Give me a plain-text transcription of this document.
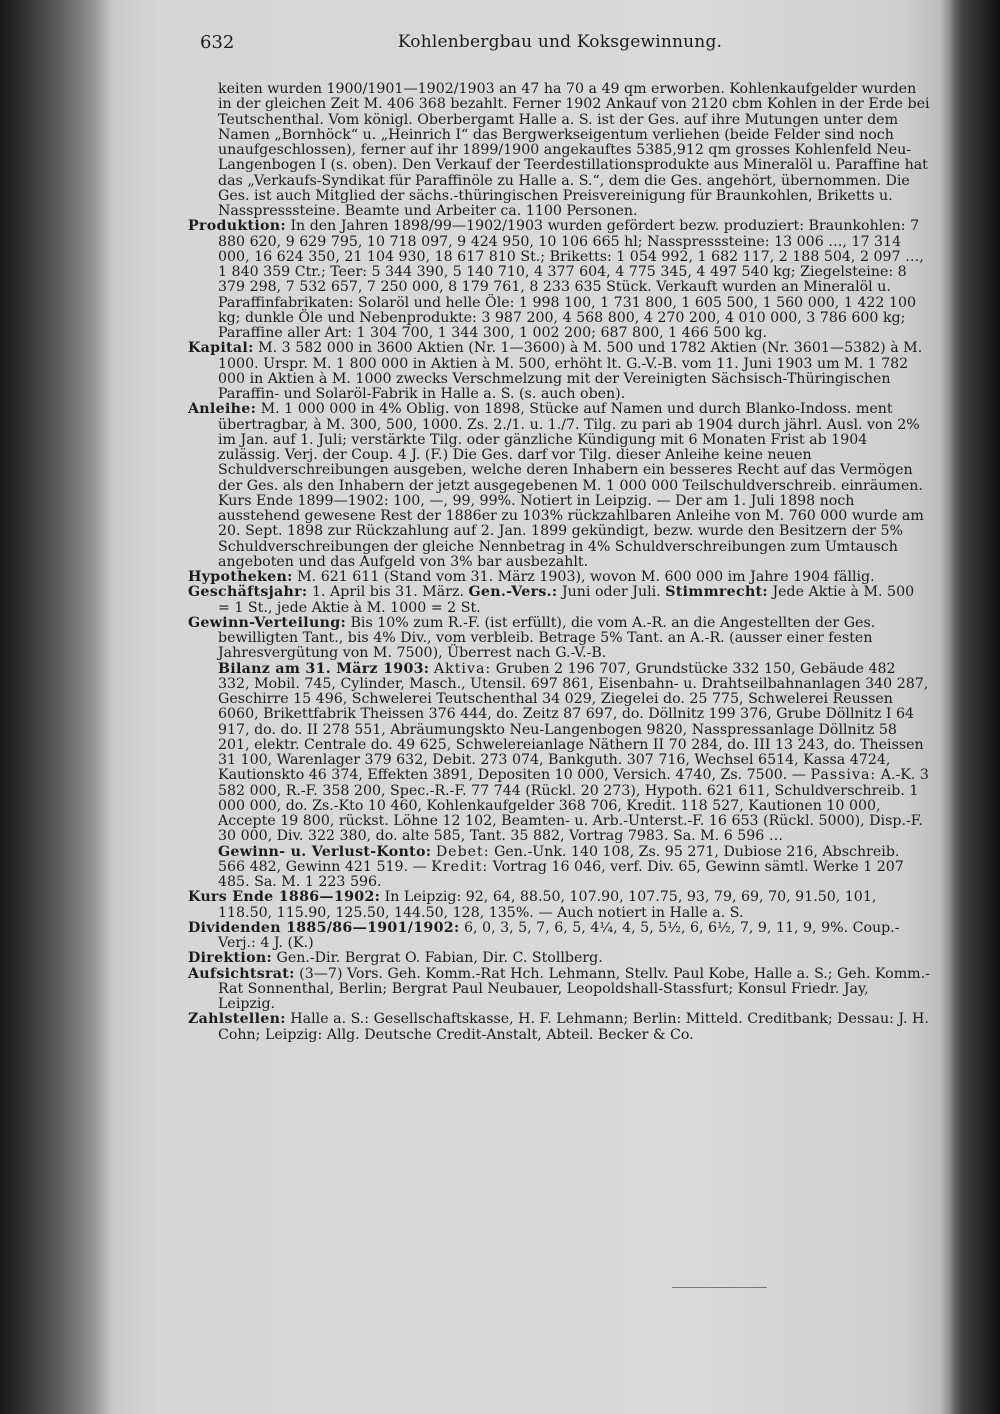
632	Kohlenbergbau und Koksgewinnung.

keiten wurden 1900/1901—1902/1903 an 47 ha 70 a 49 qm erworben. Kohlenkaufgelder wurden in der gleichen Zeit M. 406 368 bezahlt. Ferner 1902 Ankauf von 2120 cbm Kohlen in der Erde bei Teutschenthal. Vom königl. Oberbergamt Halle a. S. ist der Ges. auf ihre Mutungen unter dem Namen „Bornhöck“ u. „Heinrich I“ das Bergwerkseigentum verliehen (beide Felder sind noch unaufgeschlossen), ferner auf ihr 1899/1900 angekauftes 5385,912 qm grosses Kohlenfeld Neu-Langenbogen I (s. oben). Den Verkauf der Teerdestillationsprodukte aus Mineralöl u. Paraffine hat das „Verkaufs-Syndikat für Paraffinöle zu Halle a. S.“, dem die Ges. angehört, übernommen. Die Ges. ist auch Mitglied der sächs.-thüringischen Preisvereinigung für Braunkohlen, Briketts u. Nasspresssteine. Beamte und Arbeiter ca. 1100 Personen.

Produktion: In den Jahren 1898/99—1902/1903 wurden gefördert bezw. produziert: Braunkohlen: 7 880 620, 9 629 795, 10 718 097, 9 424 950, 10 106 665 hl; Nasspresssteine: 13 006 …, 17 314 000, 16 624 350, 21 104 930, 18 617 810 St.; Briketts: 1 054 992, 1 682 117, 2 188 504, 2 097 …, 1 840 359 Ctr.; Teer: 5 344 390, 5 140 710, 4 377 604, 4 775 345, 4 497 540 kg; Ziegelsteine: 8 379 298, 7 532 657, 7 250 000, 8 179 761, 8 233 635 Stück. Verkauft wurden an Mineralöl u. Paraffinfabrikaten: Solaröl und helle Öle: 1 998 100, 1 731 800, 1 605 500, 1 560 000, 1 422 100 kg; dunkle Öle und Nebenprodukte: 3 987 200, 4 568 800, 4 270 200, 4 010 000, 3 786 600 kg; Paraffine aller Art: 1 304 700, 1 344 300, 1 002 200; 687 800, 1 466 500 kg.

Kapital: M. 3 582 000 in 3600 Aktien (Nr. 1—3600) à M. 500 und 1782 Aktien (Nr. 3601—5382) à M. 1000. Urspr. M. 1 800 000 in Aktien à M. 500, erhöht lt. G.-V.-B. vom 11. Juni 1903 um M. 1 782 000 in Aktien à M. 1000 zwecks Verschmelzung mit der Vereinigten Sächsisch-Thüringischen Paraffin- und Solaröl-Fabrik in Halle a. S. (s. auch oben).

Anleihe: M. 1 000 000 in 4% Oblig. von 1898, Stücke auf Namen und durch Blanko-Indoss. ment übertragbar, à M. 300, 500, 1000. Zs. 2./1. u. 1./7. Tilg. zu pari ab 1904 durch jährl. Ausl. von 2% im Jan. auf 1. Juli; verstärkte Tilg. oder gänzliche Kündigung mit 6 Monaten Frist ab 1904 zulässig. Verj. der Coup. 4 J. (F.) Die Ges. darf vor Tilg. dieser Anleihe keine neuen Schuldverschreibungen ausgeben, welche deren Inhabern ein besseres Recht auf das Vermögen der Ges. als den Inhabern der jetzt ausgegebenen M. 1 000 000 Teilschuldverschreib. einräumen. Kurs Ende 1899—1902: 100, —, 99, 99%. Notiert in Leipzig. — Der am 1. Juli 1898 noch ausstehend gewesene Rest der 1886er zu 103% rückzahlbaren Anleihe von M. 760 000 wurde am 20. Sept. 1898 zur Rückzahlung auf 2. Jan. 1899 gekündigt, bezw. wurde den Besitzern der 5% Schuldverschreibungen der gleiche Nennbetrag in 4% Schuldverschreibungen zum Umtausch angeboten und das Aufgeld von 3% bar ausbezahlt.

Hypotheken: M. 621 611 (Stand vom 31. März 1903), wovon M. 600 000 im Jahre 1904 fällig.

Geschäftsjahr: 1. April bis 31. März. Gen.-Vers.: Juni oder Juli. Stimmrecht: Jede Aktie à M. 500 = 1 St., jede Aktie à M. 1000 = 2 St.

Gewinn-Verteilung: Bis 10% zum R.-F. (ist erfüllt), die vom A.-R. an die Angestellten der Ges. bewilligten Tant., bis 4% Div., vom verbleib. Betrage 5% Tant. an A.-R. (ausser einer festen Jahresvergütung von M. 7500), Überrest nach G.-V.-B.

Bilanz am 31. März 1903: Aktiva: Gruben 2 196 707, Grundstücke 332 150, Gebäude 482 332, Mobil. 745, Cylinder, Masch., Utensil. 697 861, Eisenbahn- u. Drahtseilbahnanlagen 340 287, Geschirre 15 496, Schwelerei Teutschenthal 34 029, Ziegelei do. 25 775, Schwelerei Reussen 6060, Brikettfabrik Theissen 376 444, do. Zeitz 87 697, do. Döllnitz 199 376, Grube Döllnitz I 64 917, do. do. II 278 551, Abräumungskto Neu-Langenbogen 9820, Nasspressanlage Döllnitz 58 201, elektr. Centrale do. 49 625, Schwelereianlage Näthern II 70 284, do. III 13 243, do. Theissen 31 100, Warenlager 379 632, Debit. 273 074, Bankguth. 307 716, Wechsel 6514, Kassa 4724, Kautionskto 46 374, Effekten 3891, Depositen 10 000, Versich. 4740, Zs. 7500. — Passiva: A.-K. 3 582 000, R.-F. 358 200, Spec.-R.-F. 77 744 (Rückl. 20 273), Hypoth. 621 611, Schuldverschreib. 1 000 000, do. Zs.-Kto 10 460, Kohlenkaufgelder 368 706, Kredit. 118 527, Kautionen 10 000, Accepte 19 800, rückst. Löhne 12 102, Beamten- u. Arb.-Unterst.-F. 16 653 (Rückl. 5000), Disp.-F. 30 000, Div. 322 380, do. alte 585, Tant. 35 882, Vortrag 7983. Sa. M. 6 596 …

Gewinn- u. Verlust-Konto: Debet: Gen.-Unk. 140 108, Zs. 95 271, Dubiose 216, Abschreib. 566 482, Gewinn 421 519. — Kredit: Vortrag 16 046, verf. Div. 65, Gewinn sämtl. Werke 1 207 485. Sa. M. 1 223 596.

Kurs Ende 1886—1902: In Leipzig: 92, 64, 88.50, 107.90, 107.75, 93, 79, 69, 70, 91.50, 101, 118.50, 115.90, 125.50, 144.50, 128, 135%. — Auch notiert in Halle a. S.

Dividenden 1885/86—1901/1902: 6, 0, 3, 5, 7, 6, 5, 4¼, 4, 5, 5½, 6, 6½, 7, 9, 11, 9, 9%. Coup.-Verj.: 4 J. (K.)

Direktion: Gen.-Dir. Bergrat O. Fabian, Dir. C. Stollberg.

Aufsichtsrat: (3—7) Vors. Geh. Komm.-Rat Hch. Lehmann, Stellv. Paul Kobe, Halle a. S.; Geh. Komm.-Rat Sonnenthal, Berlin; Bergrat Paul Neubauer, Leopoldshall-Stassfurt; Konsul Friedr. Jay, Leipzig.

Zahlstellen: Halle a. S.: Gesellschaftskasse, H. F. Lehmann; Berlin: Mitteld. Creditbank; Dessau: J. H. Cohn; Leipzig: Allg. Deutsche Credit-Anstalt, Abteil. Becker & Co.
